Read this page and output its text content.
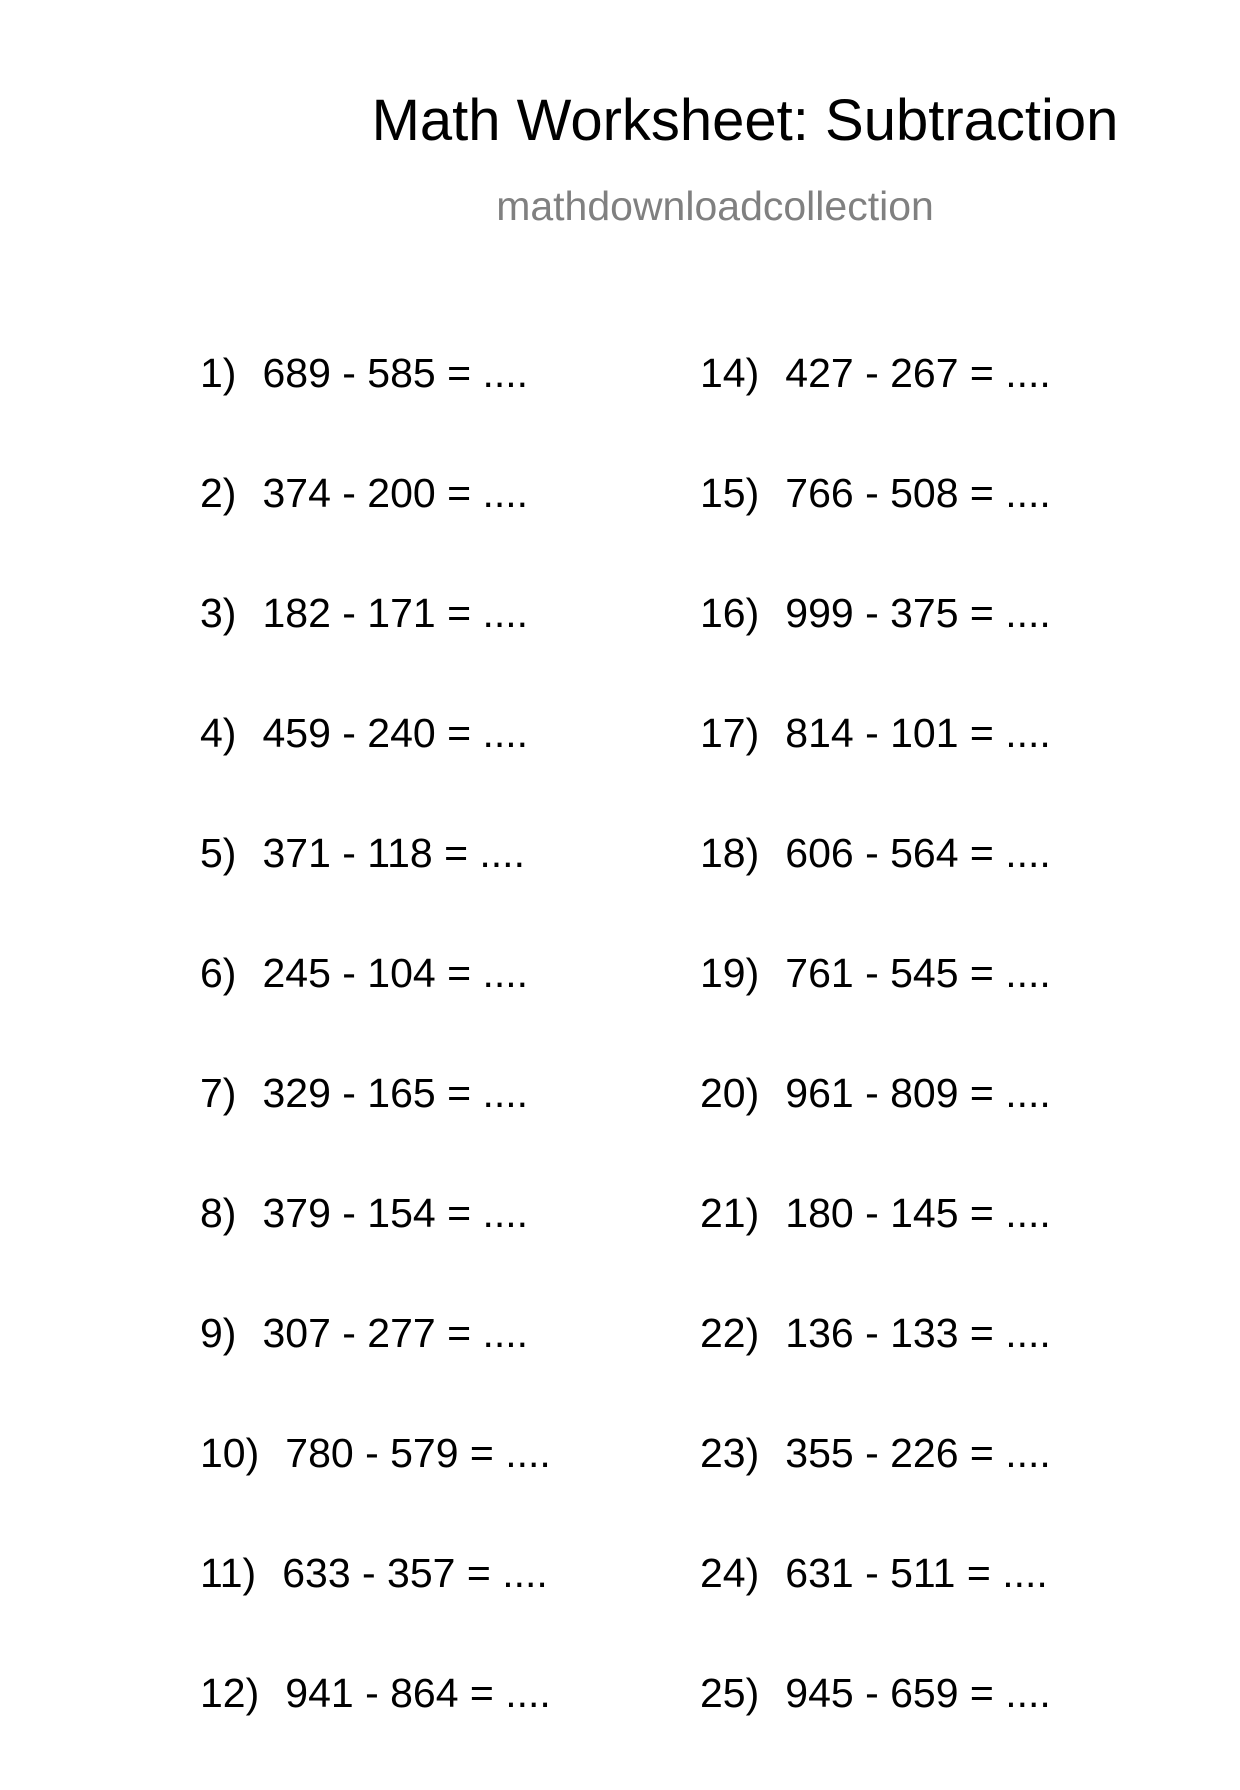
Math Worksheet: Subtraction
mathdownloadcollection
1) 689 - 585 = ....
2) 374 - 200 = ....
3) 182 - 171 = ....
4) 459 - 240 = ....
5) 371 - 118 = ....
6) 245 - 104 = ....
7) 329 - 165 = ....
8) 379 - 154 = ....
9) 307 - 277 = ....
10) 780 - 579 = ....
11) 633 - 357 = ....
12) 941 - 864 = ....
14) 427 - 267 = ....
15) 766 - 508 = ....
16) 999 - 375 = ....
17) 814 - 101 = ....
18) 606 - 564 = ....
19) 761 - 545 = ....
20) 961 - 809 = ....
21) 180 - 145 = ....
22) 136 - 133 = ....
23) 355 - 226 = ....
24) 631 - 511 = ....
25) 945 - 659 = ....
